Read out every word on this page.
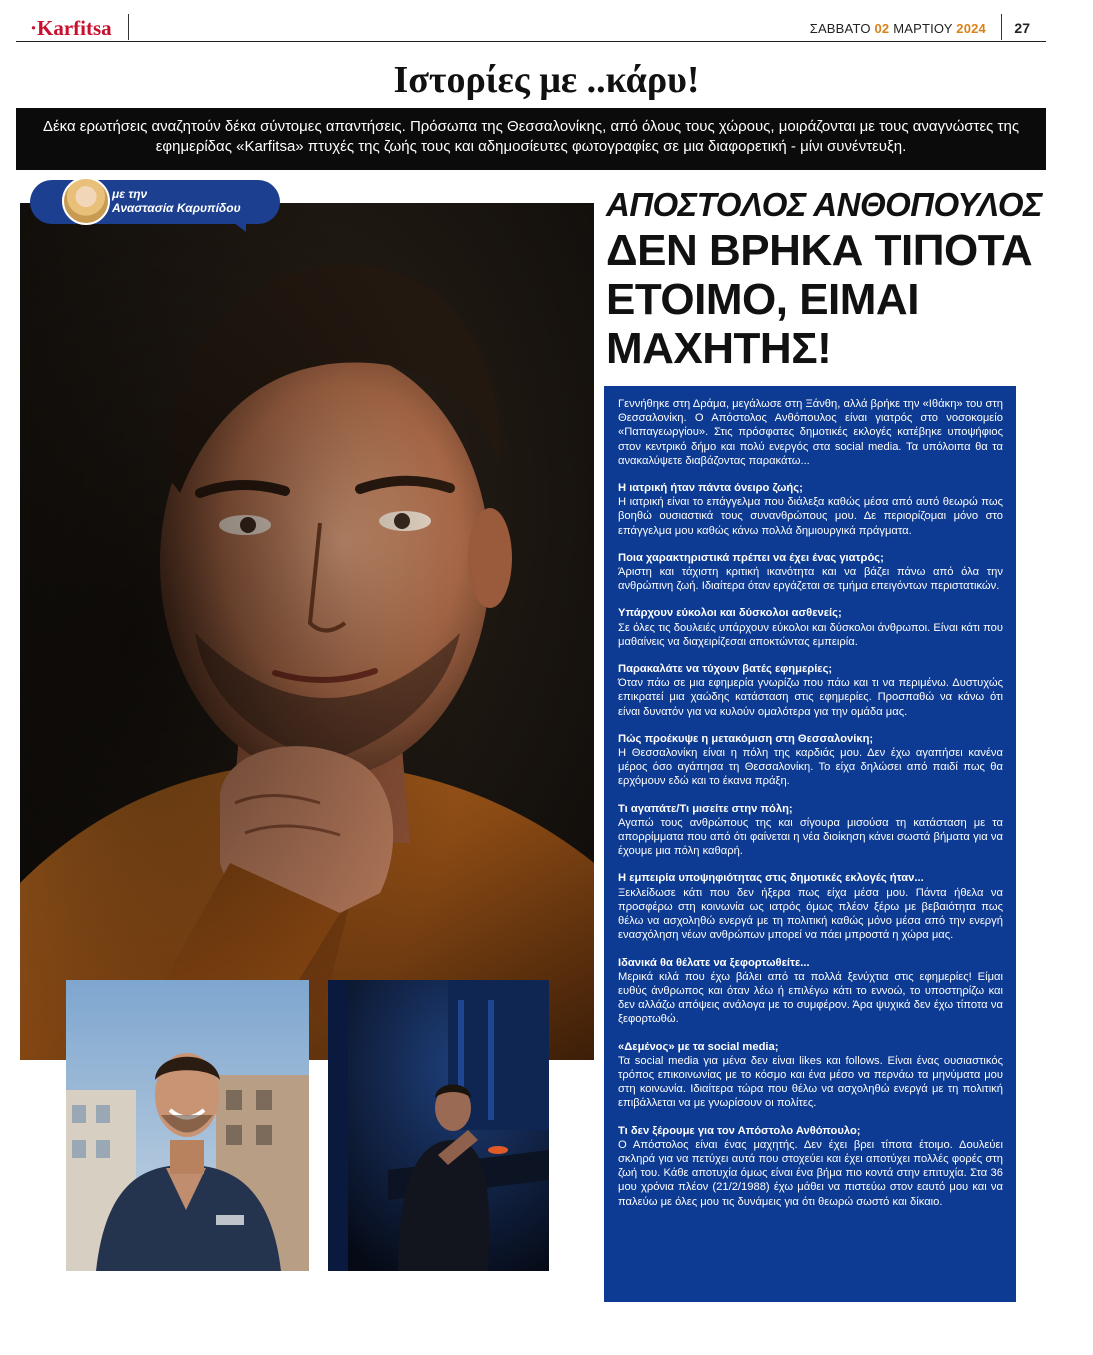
·Karfitsa	ΣΑΒΒΑΤΟ 02 ΜΑΡΤΙΟΥ 2024 27
Ιστορίες με ..κάρυ!
Δέκα ερωτήσεις αναζητούν δέκα σύντομες απαντήσεις. Πρόσωπα της Θεσσαλονίκης, από όλους τους χώρους, μοιράζονται με τους αναγνώστες της εφημερίδας «Karfitsa» πτυχές της ζωής τους και αδημοσίευτες φωτογραφίες σε μια διαφορετική - μίνι συνέντευξη.
με την
Αναστασία Καρυπίδου	ΑΠΟΣΤΟΛΟΣ ΑΝΘΟΠΟΥΛΟΣ
ΔΕΝ ΒΡΗΚΑ ΤΙΠΟΤΑ
ΕΤΟΙΜΟ, ΕΙΜΑΙ
ΜΑΧΗΤΗΣ!

Γεννήθηκε στη Δράμα, μεγάλωσε στη Ξάνθη, αλλά βρήκε την «Ιθάκη» του στη Θεσσαλονίκη. Ο Απόστολος Ανθόπουλος είναι γιατρός στο νοσοκομείο «Παπαγεωργίου». Στις πρόσφατες δημοτικές εκλογές κατέβηκε υποψήφιος στον κεντρικό δήμο και πολύ ενεργός στα social media. Τα υπόλοιπα θα τα ανακαλύψετε διαβάζοντας παρακάτω...

Η ιατρική ήταν πάντα όνειρο ζωής;

Η ιατρική είναι το επάγγελμα που διάλεξα καθώς μέσα από αυτό θεωρώ πως βοηθώ ουσιαστικά τους συνανθρώπους μου. Δε περιορίζομαι μόνο στο επάγγελμα μου καθώς κάνω πολλά δημιουργικά πράγματα.

Ποια χαρακτηριστικά πρέπει να έχει ένας γιατρός;

Άριστη και τάχιστη κριτική ικανότητα και να βάζει πάνω από όλα την ανθρώπινη ζωή. Ιδιαίτερα όταν εργάζεται σε τμήμα επειγόντων περιστατικών.

Υπάρχουν εύκολοι και δύσκολοι ασθενείς;

Σε όλες τις δουλειές υπάρχουν εύκολοι και δύσκολοι άνθρωποι. Είναι κάτι που μαθαίνεις να διαχειρίζεσαι αποκτώντας εμπειρία.

Παρακαλάτε να τύχουν βατές εφημερίες;

Όταν πάω σε μια εφημερία γνωρίζω που πάω και τι να περιμένω. Δυστυχώς επικρατεί μια χαώδης κατάσταση στις εφημερίες. Προσπαθώ να κάνω ότι είναι δυνατόν για να κυλούν ομαλότερα για την ομάδα μας.

Πώς προέκυψε η μετακόμιση στη Θεσσαλονίκη;

Η Θεσσαλονίκη είναι η πόλη της καρδιάς μου. Δεν έχω αγαπήσει κανένα μέρος όσο αγάπησα τη Θεσσαλονίκη. Το είχα δηλώσει από παιδί πως θα ερχόμουν εδώ και το έκανα πράξη.

Τι αγαπάτε/Τι μισείτε στην πόλη;

Αγαπώ τους ανθρώπους της και σίγουρα μισούσα τη κατάσταση με τα απορρίμματα που από ότι φαίνεται η νέα διοίκηση κάνει σωστά βήματα για να έχουμε μια πόλη καθαρή.

Η εμπειρία υποψηφιότητας στις δημοτικές εκλογές ήταν...

Ξεκλείδωσε κάτι που δεν ήξερα πως είχα μέσα μου. Πάντα ήθελα να προσφέρω στη κοινωνία ως ιατρός όμως πλέον ξέρω με βεβαιότητα πως θέλω να ασχοληθώ ενεργά με τη πολιτική καθώς μόνο μέσα από την ενεργή ενασχόληση νέων ανθρώπων μπορεί να πάει μπροστά η χώρα μας.

Ιδανικά θα θέλατε να ξεφορτωθείτε...

Μερικά κιλά που έχω βάλει από τα πολλά ξενύχτια στις εφημερίες! Είμαι ευθύς άνθρωπος και όταν λέω ή επιλέγω κάτι το εννοώ, το υποστηρίζω και δεν αλλάζω απόψεις ανάλογα με το συμφέρον. Άρα ψυχικά δεν έχω τίποτα να ξεφορτωθώ.

«Δεμένος» με τα social media;

Τα social media για μένα δεν είναι likes και follows. Είναι ένας ουσιαστικός τρόπος επικοινωνίας με το κόσμο και ένα μέσο να περνάω τα μηνύματα μου στη κοινωνία. Ιδιαίτερα τώρα που θέλω να ασχοληθώ ενεργά με τη πολιτική επιβάλλεται να με γνωρίσουν οι πολίτες.

Τι δεν ξέρουμε για τον Απόστολο Ανθόπουλο;

Ο Απόστολος είναι ένας μαχητής. Δεν έχει βρει τίποτα έτοιμο. Δουλεύει σκληρά για να πετύχει αυτά που στοχεύει και έχει αποτύχει πολλές φορές στη ζωή του. Κάθε αποτυχία όμως είναι ένα βήμα πιο κοντά στην επιτυχία. Στα 36 μου χρόνια πλέον (21/2/1988) έχω μάθει να πιστεύω στον εαυτό μου και να παλεύω με όλες μου τις δυνάμεις για ότι θεωρώ σωστό και δίκαιο.
